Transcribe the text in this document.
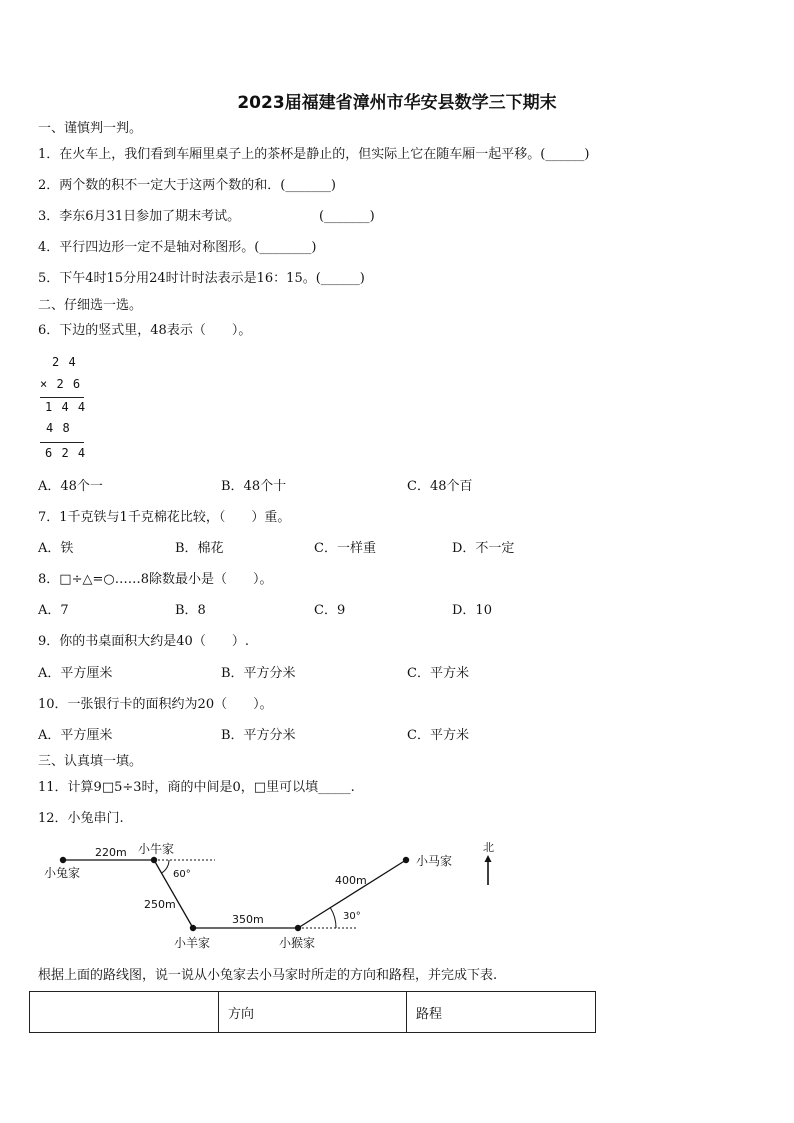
2023届福建省漳州市华安县数学三下期末
一、谨慎判一判。
1．在火车上，我们看到车厢里桌子上的茶杯是静止的，但实际上它在随车厢一起平移。(______)
2．两个数的积不一定大于这两个数的和．(_______)
3．李东6月31日参加了期末考试。	(_______)
4．平行四边形一定不是轴对称图形。(________)
5．下午4时15分用24时计时法表示是16：15。(______)
二、仔细选一选。
6．下边的竖式里，48表示（　　）。
2 4
× 2 6
1 4 4
4 8
6 2 4
A．48个一	B．48个十	C．48个百
7．1千克铁与1千克棉花比较，（　　）重。
A．铁	B．棉花	C．一样重	D．不一定
8．□÷△=○……8除数最小是（　　）。
A．7	B．8	C．9	D．10
9．你的书桌面积大约是40（　　）.
A．平方厘米	B．平方分米	C．平方米
10．一张银行卡的面积约为20（　　）。
A．平方厘米	B．平方分米	C．平方米
三、认真填一填。
11．计算9□5÷3时，商的中间是0，□里可以填_____.
12．小兔串门.
小兔家
小牛家
小羊家	小猴家
小马家
220m
250m
350m
400m
60°
30°
北
根据上面的路线图，说一说从小兔家去小马家时所走的方向和路程，并完成下表.
	方向	路程
